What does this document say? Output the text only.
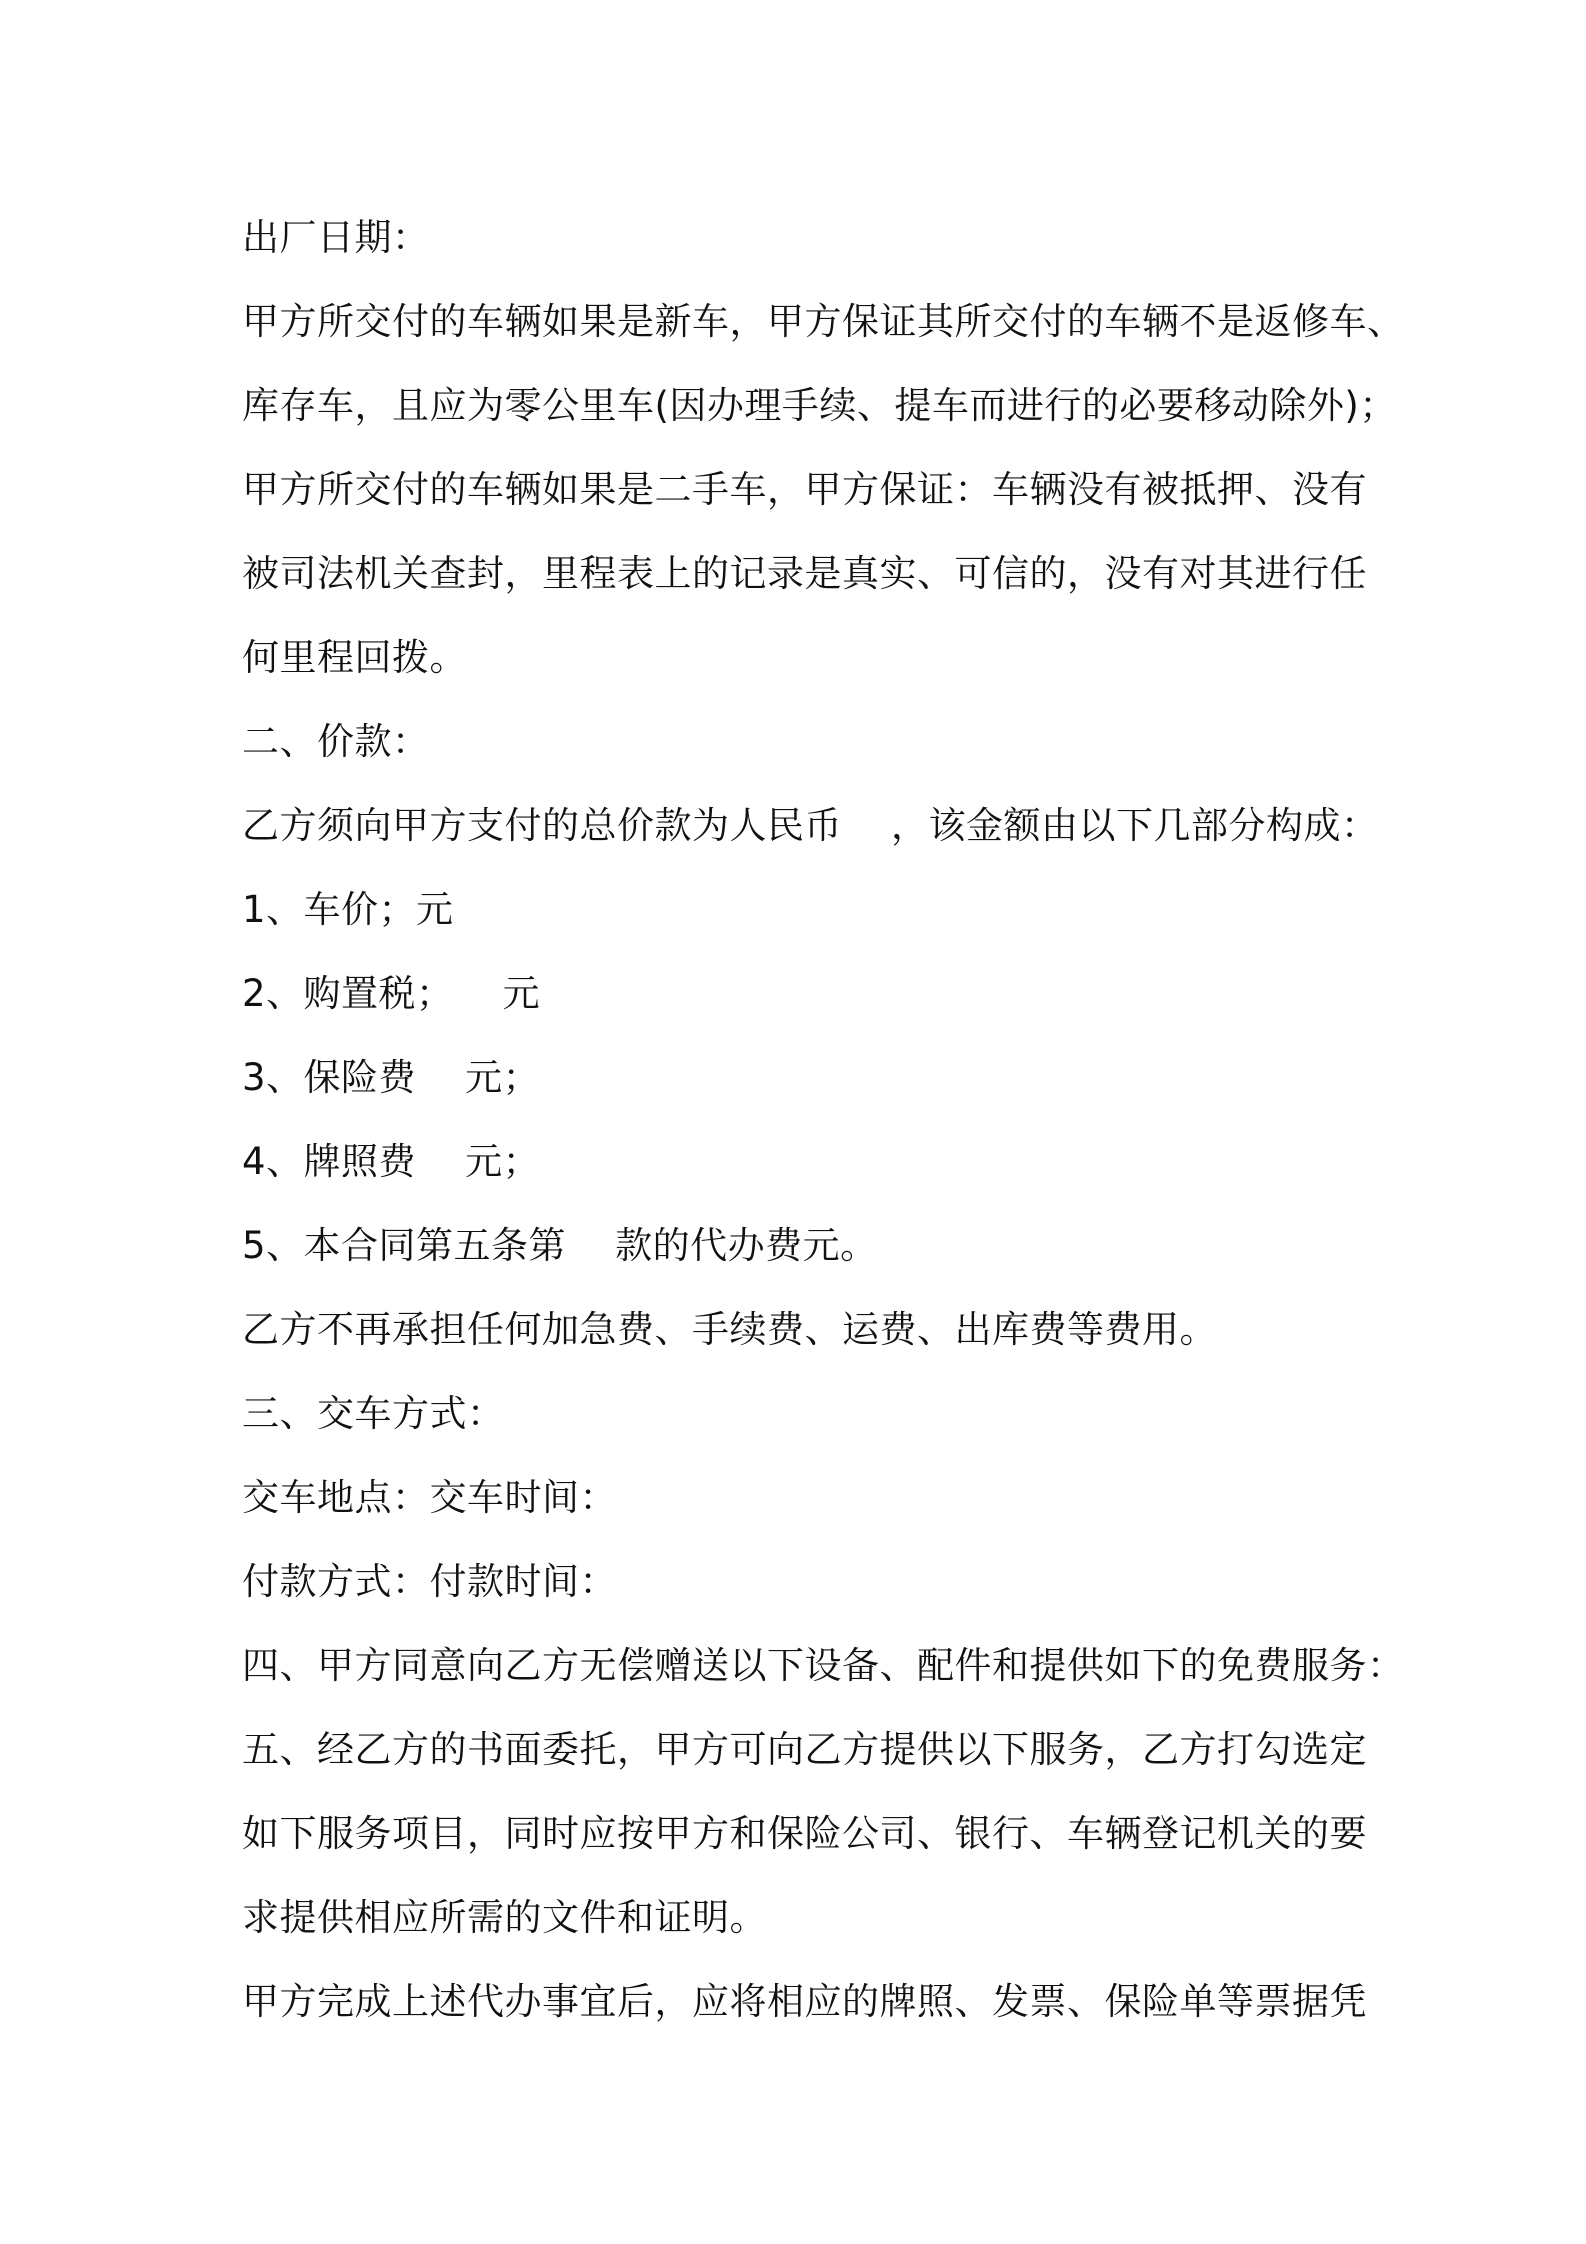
出厂日期：
甲方所交付的车辆如果是新车，甲方保证其所交付的车辆不是返修车、
库存车，且应为零公里车(因办理手续、提车而进行的必要移动除外)；
甲方所交付的车辆如果是二手车，甲方保证：车辆没有被抵押、没有
被司法机关查封，里程表上的记录是真实、可信的，没有对其进行任
何里程回拨。
二、价款：
乙方须向甲方支付的总价款为人民币    ，该金额由以下几部分构成：
1、车价；元
2、购置税；    元
3、保险费    元；
4、牌照费    元；
5、本合同第五条第    款的代办费元。
乙方不再承担任何加急费、手续费、运费、出库费等费用。
三、交车方式：
交车地点：交车时间：
付款方式：付款时间：
四、甲方同意向乙方无偿赠送以下设备、配件和提供如下的免费服务：
五、经乙方的书面委托，甲方可向乙方提供以下服务，乙方打勾选定
如下服务项目，同时应按甲方和保险公司、银行、车辆登记机关的要
求提供相应所需的文件和证明。
甲方完成上述代办事宜后，应将相应的牌照、发票、保险单等票据凭
